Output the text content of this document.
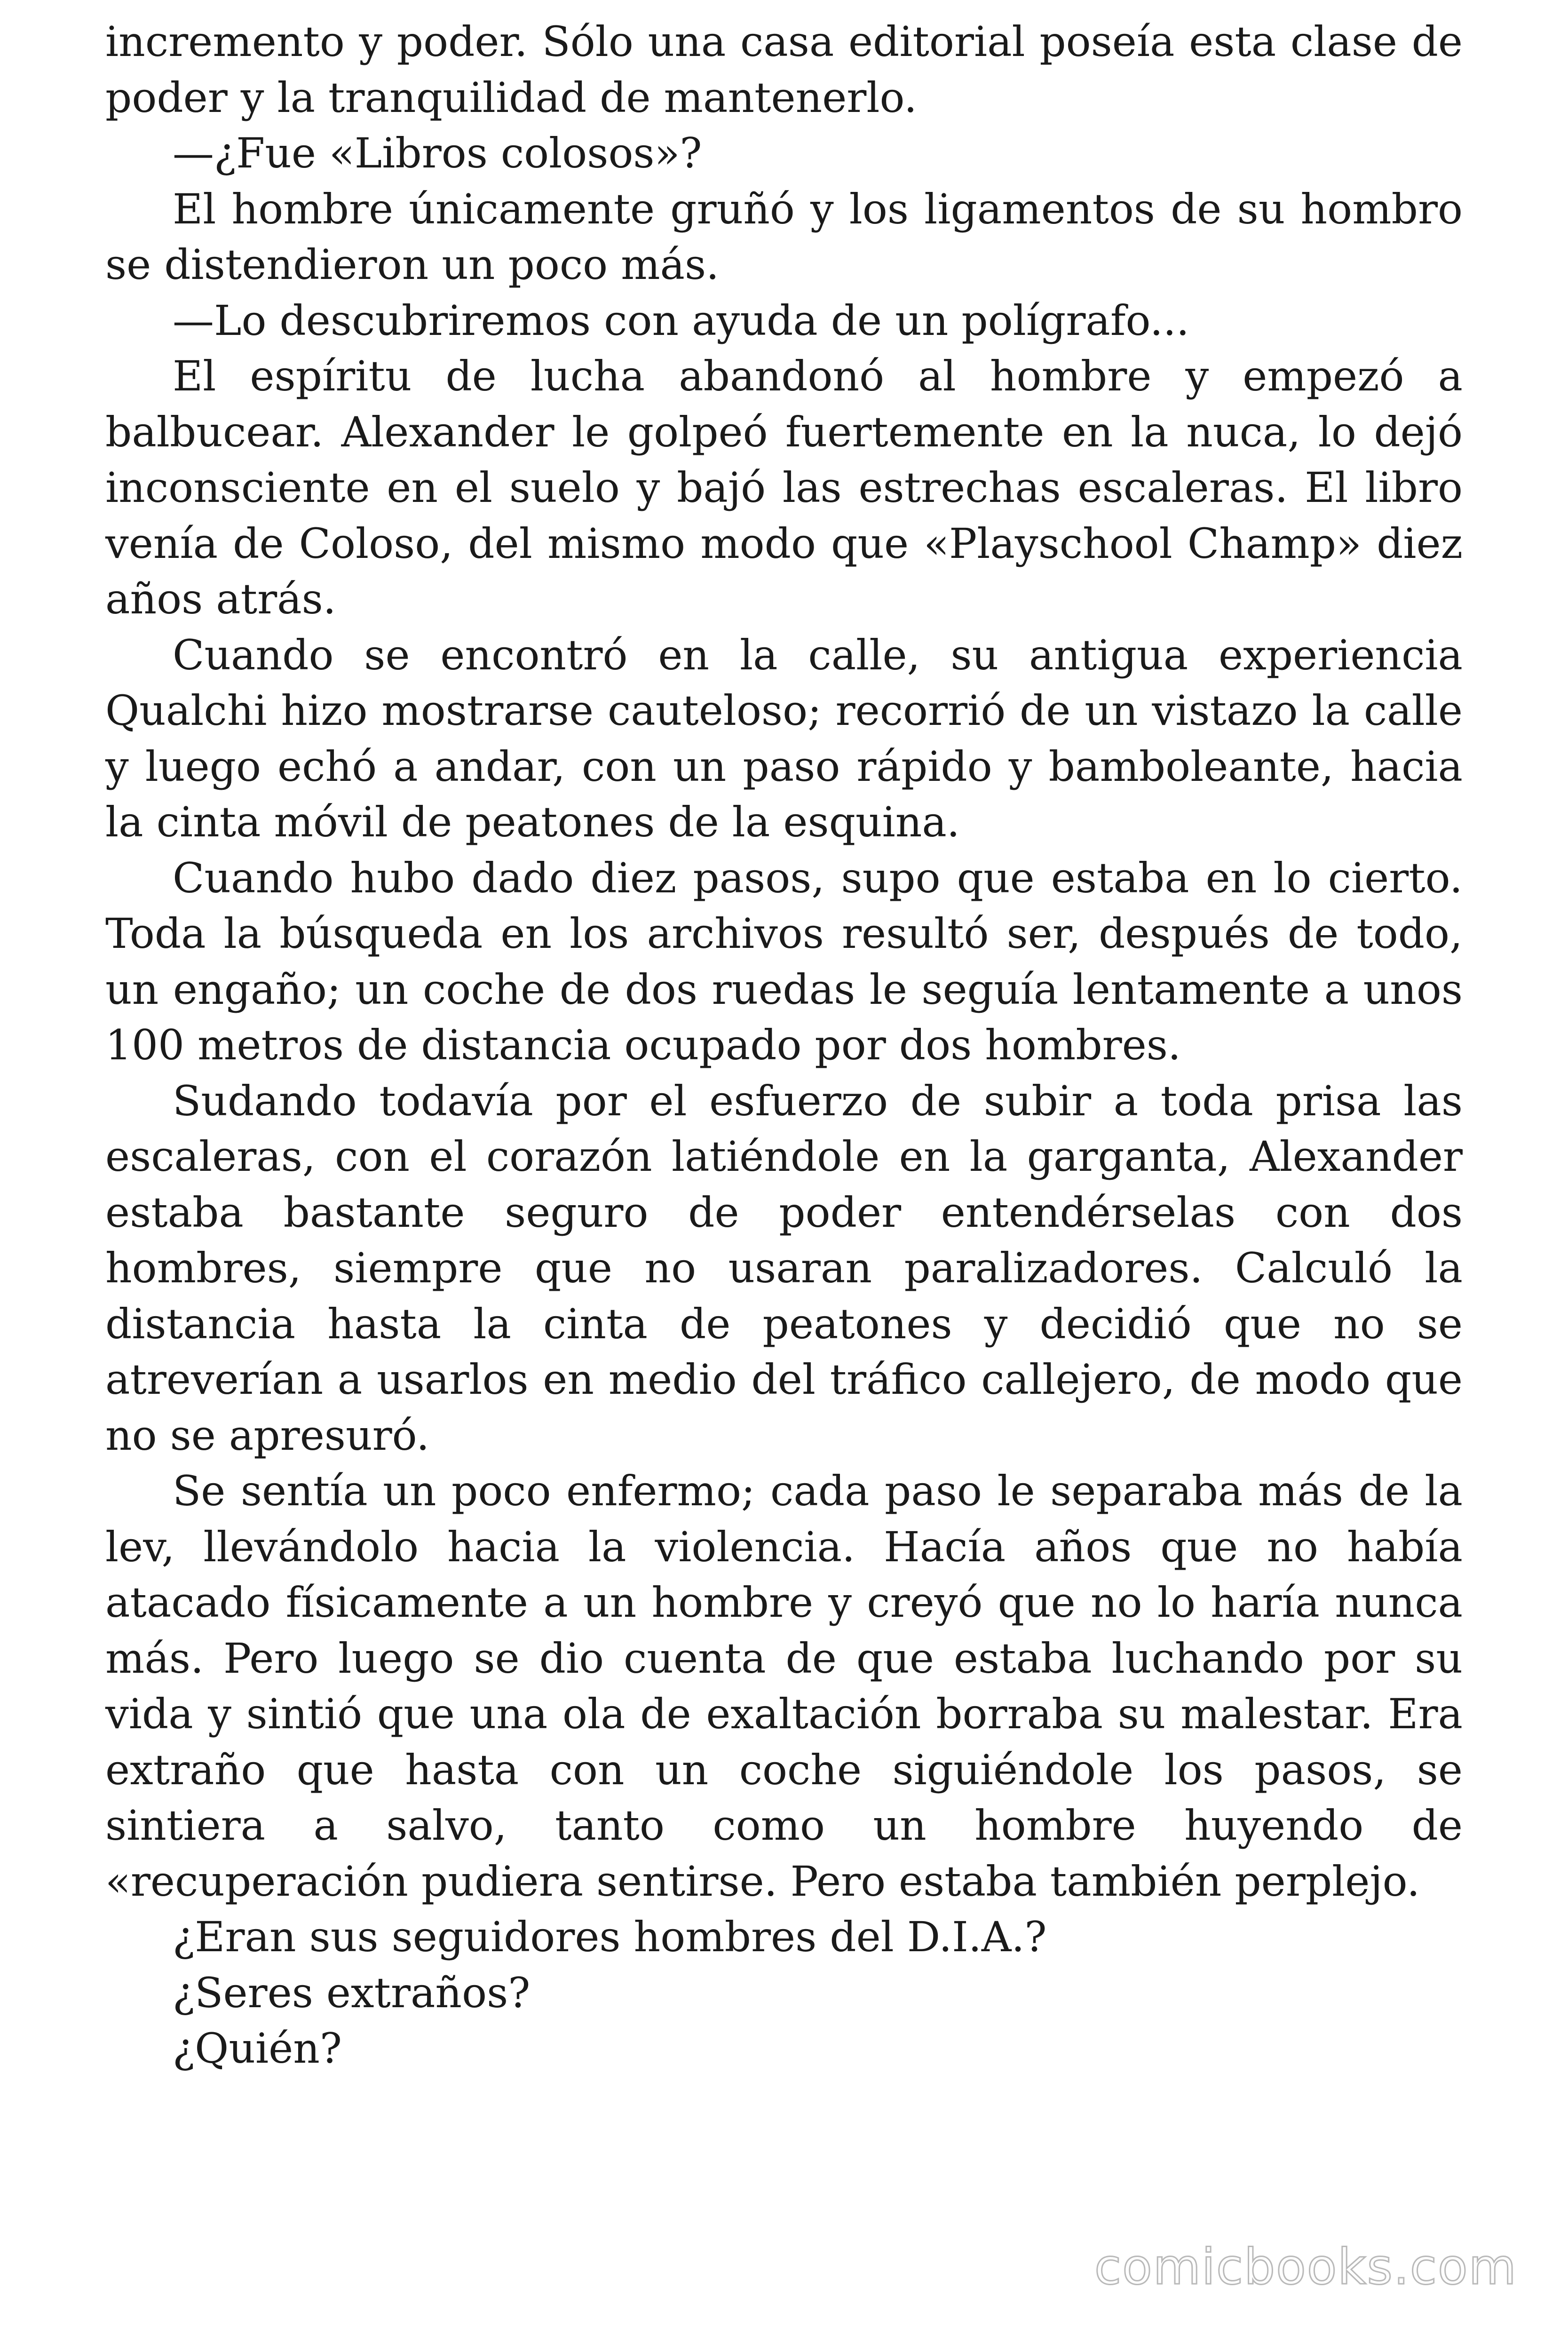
incremento y poder. Sólo una casa editorial poseía esta clase de poder y la tranquilidad de mantenerlo.

—¿Fue «Libros colosos»?

El hombre únicamente gruñó y los ligamentos de su hombro se distendieron un poco más.

—Lo descubriremos con ayuda de un polígrafo...

El espíritu de lucha abandonó al hombre y empezó a balbucear. Alexander le golpeó fuertemente en la nuca, lo dejó inconsciente en el suelo y bajó las estrechas escaleras. El libro venía de Coloso, del mismo modo que «Playschool Champ» diez años atrás.

Cuando se encontró en la calle, su antigua experiencia Qualchi hizo mostrarse cauteloso; recorrió de un vistazo la calle y luego echó a andar, con un paso rápido y bamboleante, hacia la cinta móvil de peatones de la esquina.

Cuando hubo dado diez pasos, supo que estaba en lo cierto. Toda la búsqueda en los archivos resultó ser, después de todo, un engaño; un coche de dos ruedas le seguía lentamente a unos 100 metros de distancia ocupado por dos hombres.

Sudando todavía por el esfuerzo de subir a toda prisa las escaleras, con el corazón latiéndole en la garganta, Alexander estaba bastante seguro de poder entendérselas con dos hombres, siempre que no usaran paralizadores. Calculó la distancia hasta la cinta de peatones y decidió que no se atreverían a usarlos en medio del tráfico callejero, de modo que no se apresuró.

Se sentía un poco enfermo; cada paso le separaba más de la lev, llevándolo hacia la violencia. Hacía años que no había atacado físicamente a un hombre y creyó que no lo haría nunca más. Pero luego se dio cuenta de que estaba luchando por su vida y sintió que una ola de exaltación borraba su malestar. Era extraño que hasta con un coche siguiéndole los pasos, se sintiera a salvo, tanto como un hombre huyendo de «recuperación pudiera sentirse. Pero estaba también perplejo.

¿Eran sus seguidores hombres del D.I.A.?

¿Seres extraños?

¿Quién?

comicbooks.com
